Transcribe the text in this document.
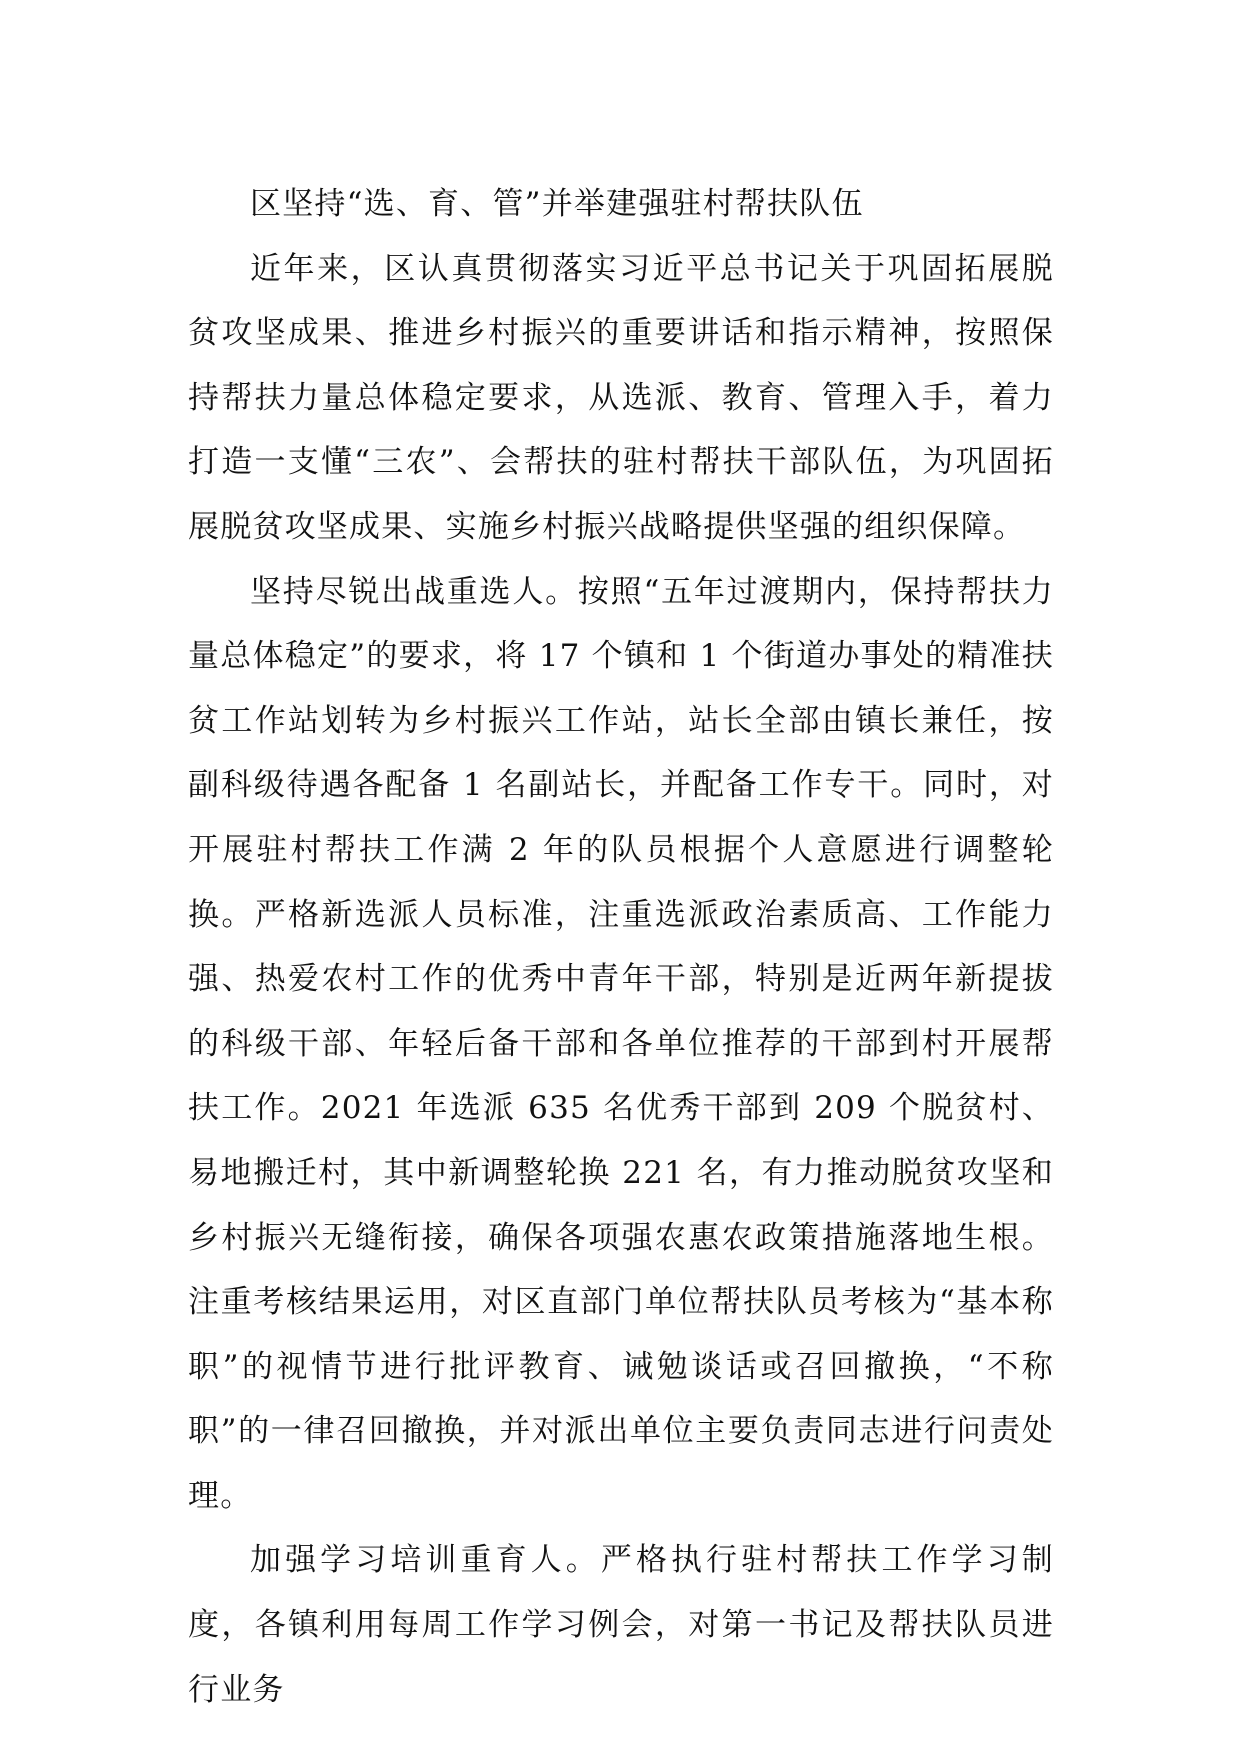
区坚持“选、育、管”并举建强驻村帮扶队伍

近年来，区认真贯彻落实习近平总书记关于巩固拓展脱贫攻坚成果、推进乡村振兴的重要讲话和指示精神，按照保持帮扶力量总体稳定要求，从选派、教育、管理入手，着力打造一支懂“三农”、会帮扶的驻村帮扶干部队伍，为巩固拓展脱贫攻坚成果、实施乡村振兴战略提供坚强的组织保障。

坚持尽锐出战重选人。按照“五年过渡期内，保持帮扶力量总体稳定”的要求，将 17 个镇和 1 个街道办事处的精准扶贫工作站划转为乡村振兴工作站，站长全部由镇长兼任，按副科级待遇各配备 1 名副站长，并配备工作专干。同时，对开展驻村帮扶工作满 2 年的队员根据个人意愿进行调整轮换。严格新选派人员标准，注重选派政治素质高、工作能力强、热爱农村工作的优秀中青年干部，特别是近两年新提拔的科级干部、年轻后备干部和各单位推荐的干部到村开展帮扶工作。2021 年选派 635 名优秀干部到 209 个脱贫村、易地搬迁村，其中新调整轮换 221 名，有力推动脱贫攻坚和乡村振兴无缝衔接，确保各项强农惠农政策措施落地生根。注重考核结果运用，对区直部门单位帮扶队员考核为“基本称职”的视情节进行批评教育、诫勉谈话或召回撤换，“不称职”的一律召回撤换，并对派出单位主要负责同志进行问责处理。

加强学习培训重育人。严格执行驻村帮扶工作学习制度，各镇利用每周工作学习例会，对第一书记及帮扶队员进行业务
